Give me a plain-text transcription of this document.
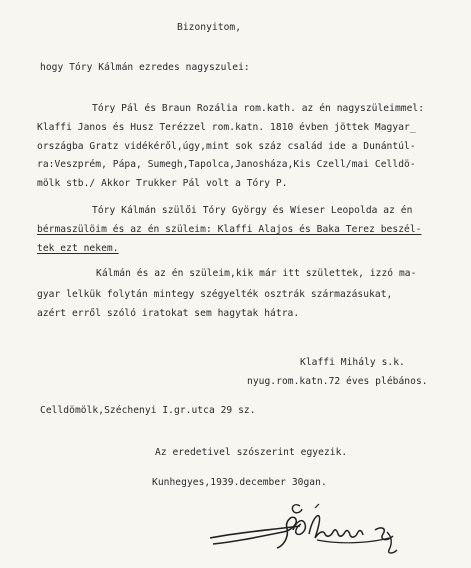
Bizonyitom,
hogy Tóry Kálmán ezredes nagyszulei:
Tóry Pál és Braun Rozália rom.kath. az én nagyszüleimmel:
Klaffi Janos és Husz Terézzel rom.katn. 1810 évben jöttek Magyar_
országba Gratz vidékéről,úgy,mint sok száz család ide a Dunántúl-
ra:Veszprém, Pápa, Sumegh,Tapolca,Janosháza,Kis Czell/mai Celldö-
mölk stb./ Akkor Trukker Pál volt a Tóry P.
Tóry Kálmán szülői Tóry György és Wieser Leopolda az én
bérmaszülöim és az én szüleim: Klaffi Alajos és Baka Terez beszél-
tek ezt nekem.
Kálmán és az én szüleim,kik már itt születtek, izzó ma-
gyar lelkük folytán mintegy szégyelték osztrák származásukat,
azért erről szóló iratokat sem hagytak hátra.
Klaffi Mihály s.k.
nyug.rom.katn.72 éves plébános.
Celldömölk,Széchenyi I.gr.utca 29 sz.
Az eredetivel szószerint egyezik.
Kunhegyes,1939.december 30gan.
